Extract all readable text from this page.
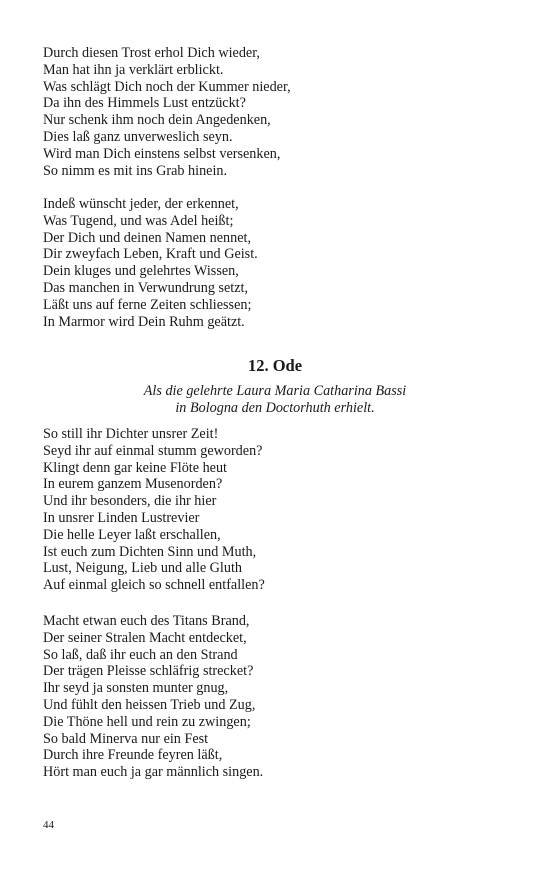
Durch diesen Trost erhol Dich wieder,
Man hat ihn ja verklärt erblickt.
Was schlägt Dich noch der Kummer nieder,
Da ihn des Himmels Lust entzückt?
Nur schenk ihm noch dein Angedenken,
Dies laß ganz unverweslich seyn.
Wird man Dich einstens selbst versenken,
So nimm es mit ins Grab hinein.
Indeß wünscht jeder, der erkennet,
Was Tugend, und was Adel heißt;
Der Dich und deinen Namen nennet,
Dir zweyfach Leben, Kraft und Geist.
Dein kluges und gelehrtes Wissen,
Das manchen in Verwundrung setzt,
Läßt uns auf ferne Zeiten schliessen;
In Marmor wird Dein Ruhm geätzt.
12. Ode
Als die gelehrte Laura Maria Catharina Bassi
in Bologna den Doctorhuth erhielt.
So still ihr Dichter unsrer Zeit!
Seyd ihr auf einmal stumm geworden?
Klingt denn gar keine Flöte heut
In eurem ganzem Musenorden?
Und ihr besonders, die ihr hier
In unsrer Linden Lustrevier
Die helle Leyer laßt erschallen,
Ist euch zum Dichten Sinn und Muth,
Lust, Neigung, Lieb und alle Gluth
Auf einmal gleich so schnell entfallen?
Macht etwan euch des Titans Brand,
Der seiner Stralen Macht entdecket,
So laß, daß ihr euch an den Strand
Der trägen Pleisse schläfrig strecket?
Ihr seyd ja sonsten munter gnug,
Und fühlt den heissen Trieb und Zug,
Die Thöne hell und rein zu zwingen;
So bald Minerva nur ein Fest
Durch ihre Freunde feyren läßt,
Hört man euch ja gar männlich singen.
44
